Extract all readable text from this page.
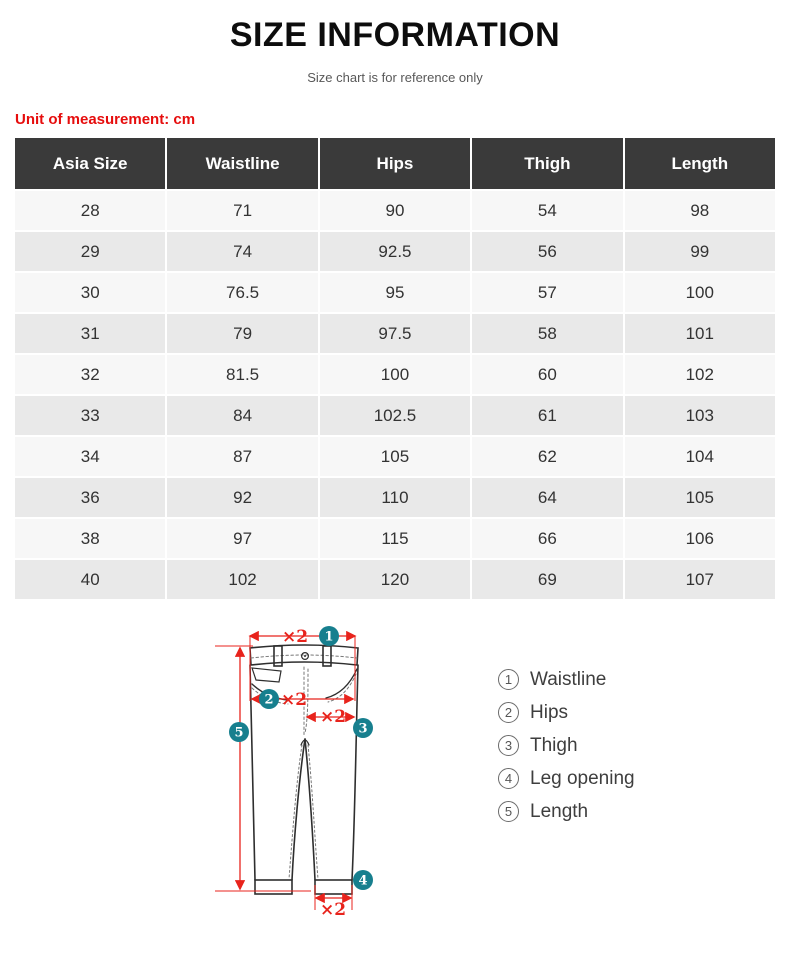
SIZE INFORMATION
Size chart is for reference only
Unit of measurement: cm
Asia Size	Waistline	Hips	Thigh	Length
28	71	90	54	98
29	74	92.5	56	99
30	76.5	95	57	100
31	79	97.5	58	101
32	81.5	100	60	102
33	84	102.5	61	103
34	87	105	62	104
36	92	110	64	105
38	97	115	66	106
40	102	120	69	107
×2
×2
×2
×2
1
2
3
4
5
1 Waistline
2 Hips
3 Thigh
4 Leg opening
5 Length
